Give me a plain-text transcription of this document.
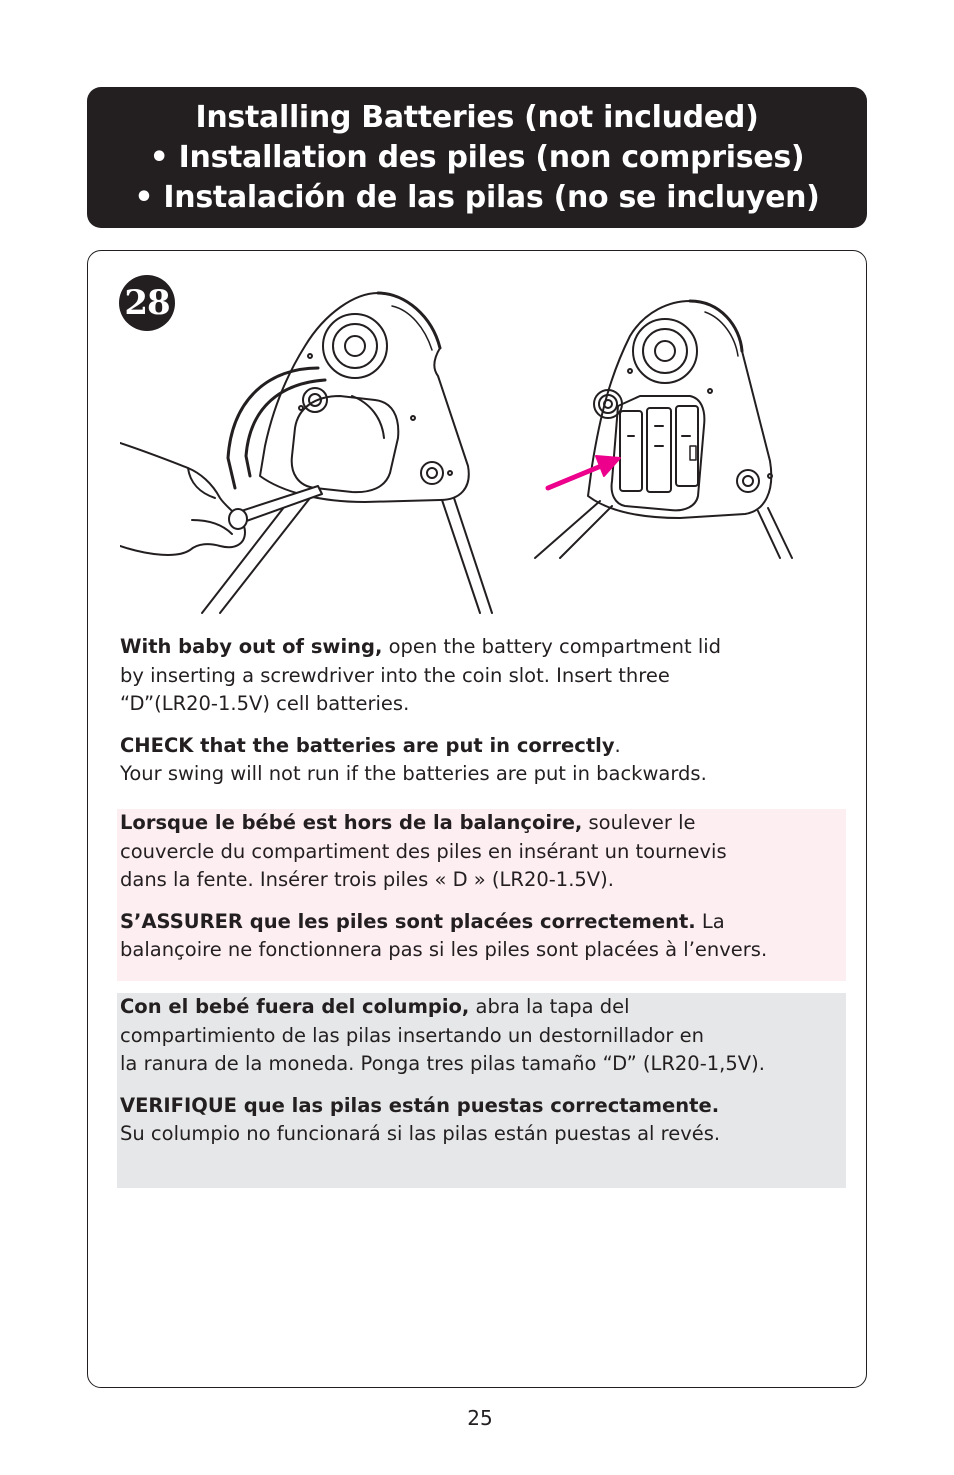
Installing Batteries (not included)
• Installation des piles (non comprises)
• Instalación de las pilas (no se incluyen)
28

With baby out of swing, open the battery compartment lid
by inserting a screwdriver into the coin slot. Insert three
“D”(LR20-1.5V) cell batteries.

CHECK that the batteries are put in correctly.
Your swing will not run if the batteries are put in backwards.

Lorsque le bébé est hors de la balançoire, soulever le
couvercle du compartiment des piles en insérant un tournevis
dans la fente. Insérer trois piles « D » (LR20-1.5V).

S’ASSURER que les piles sont placées correctement. La
balançoire ne fonctionnera pas si les piles sont placées à l’envers.

Con el bebé fuera del columpio, abra la tapa del
compartimiento de las pilas insertando un destornillador en
la ranura de la moneda. Ponga tres pilas tamaño “D” (LR20-1,5V).

VERIFIQUE que las pilas están puestas correctamente.
Su columpio no funcionará si las pilas están puestas al revés.

25
